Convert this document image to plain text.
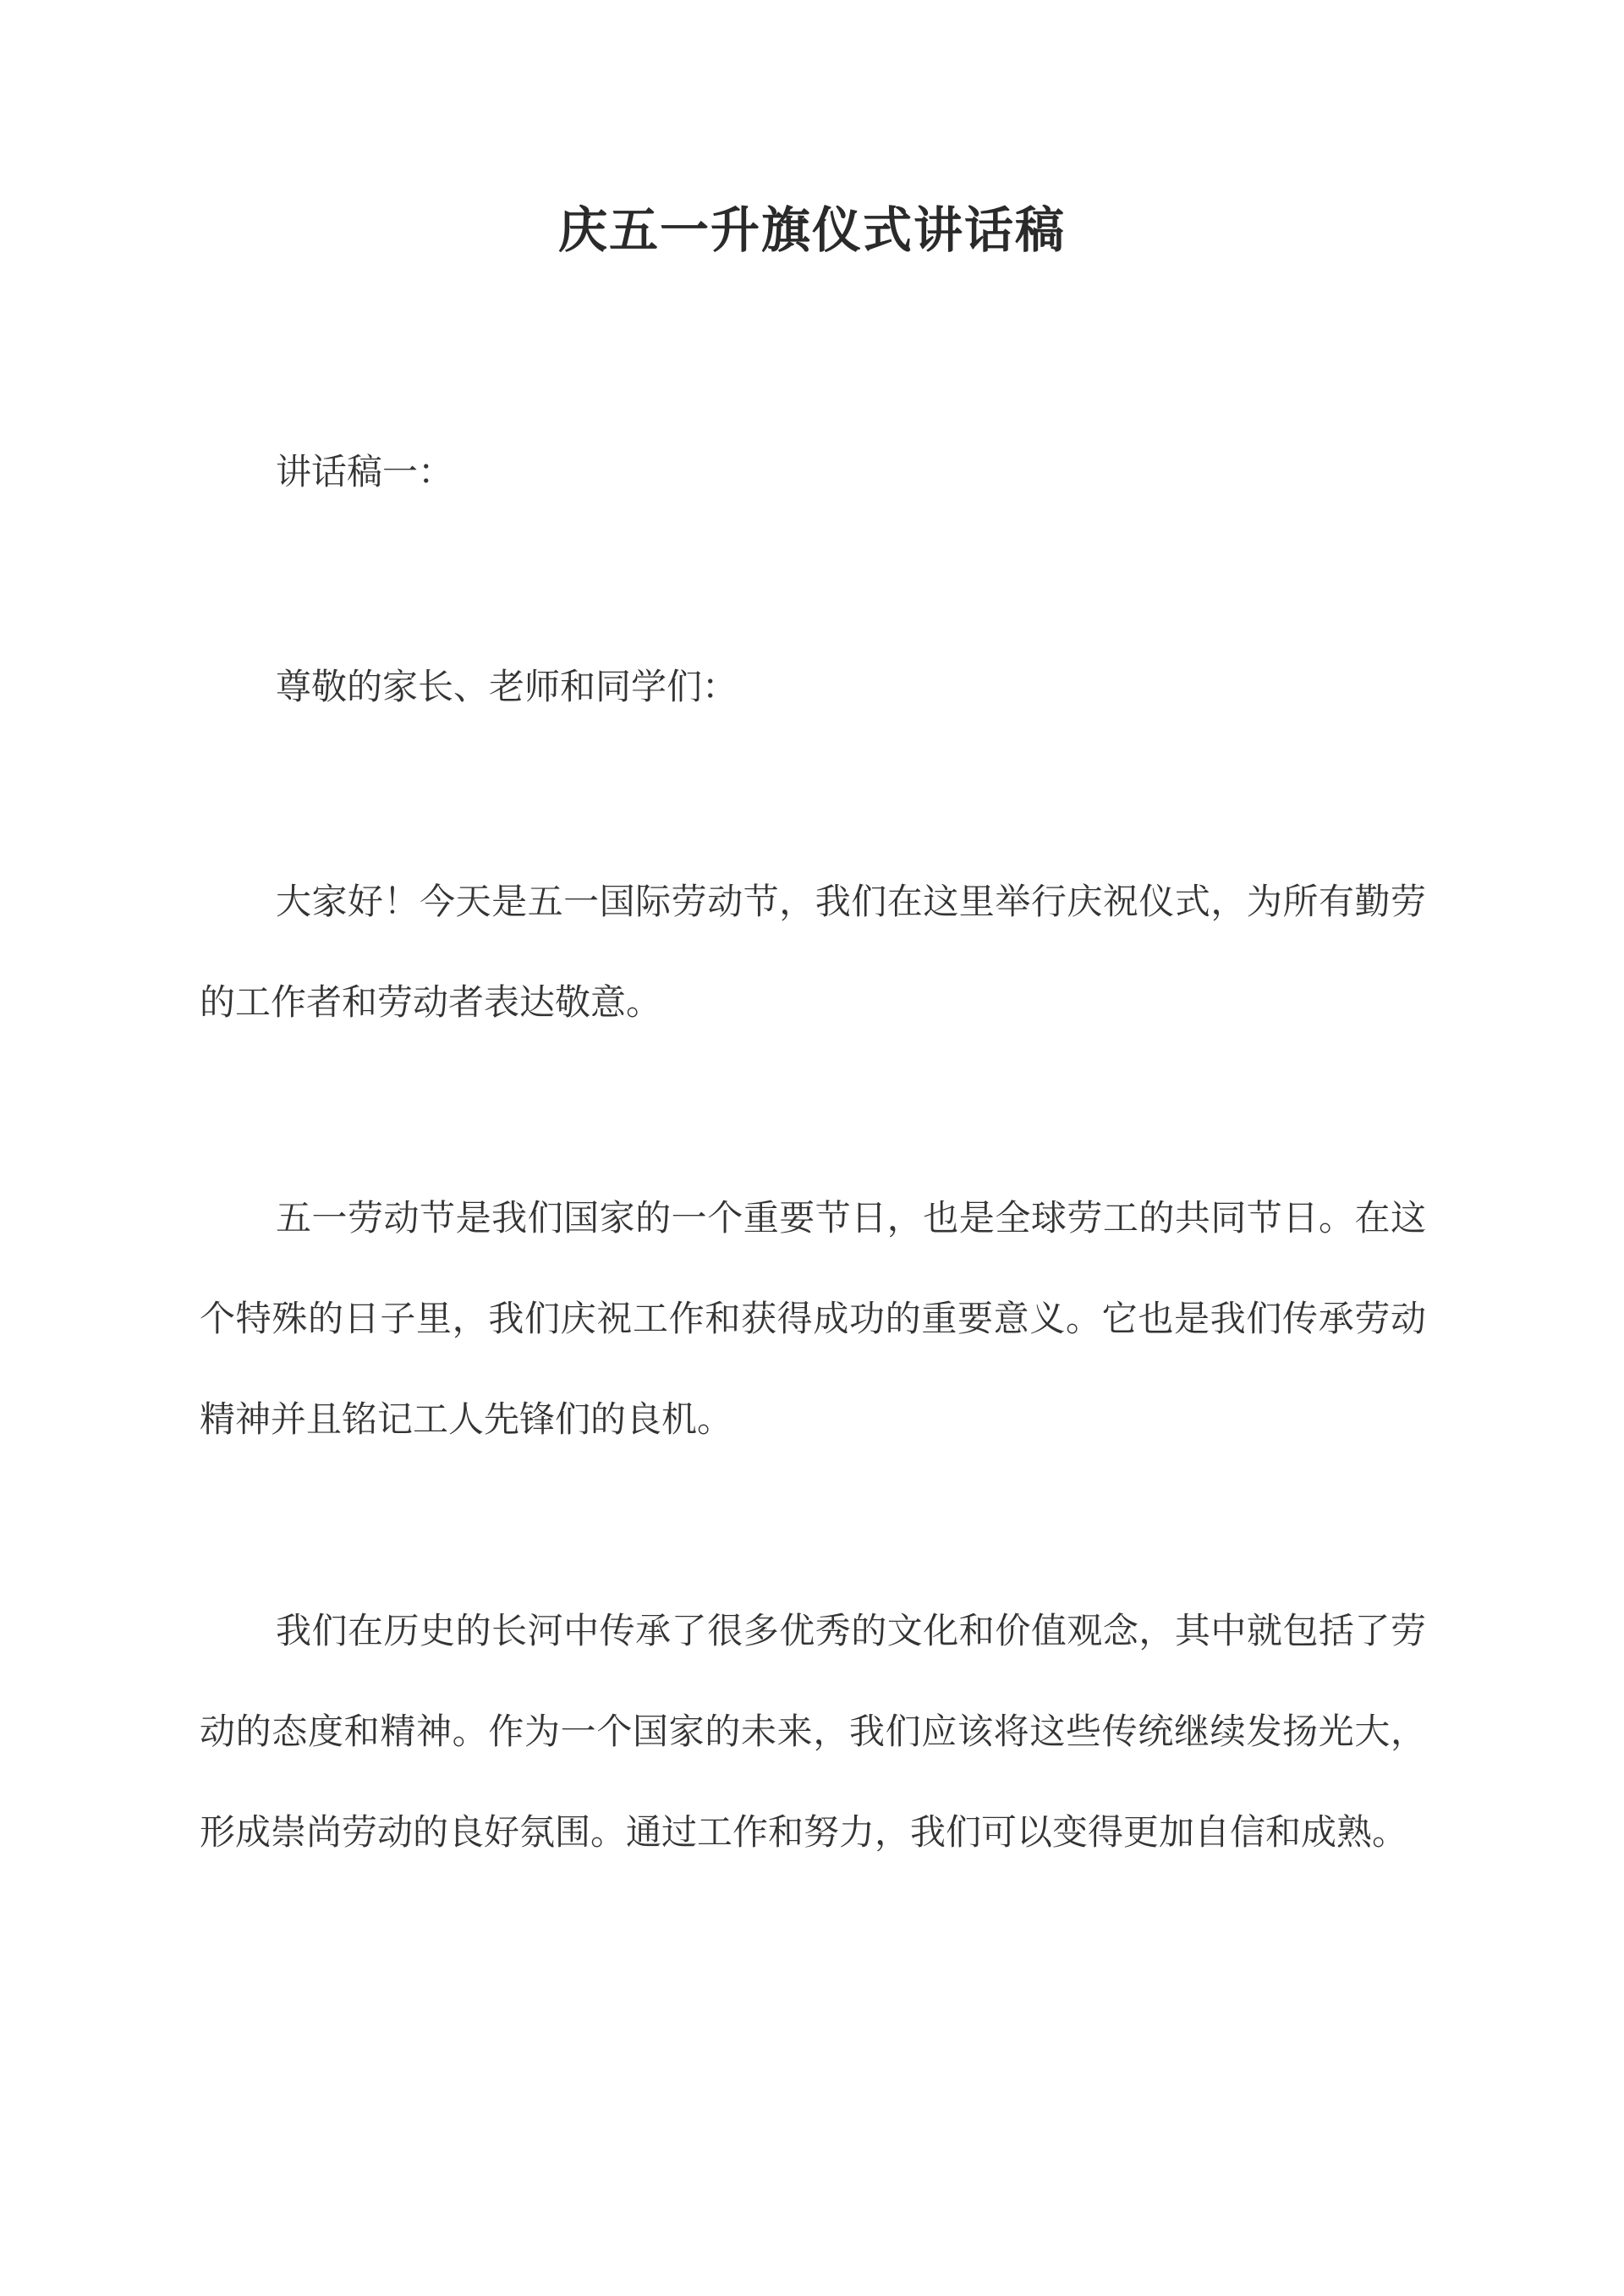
庆五一升旗仪式讲话稿

讲话稿一：

尊敬的家长、老师和同学们：

大家好！今天是五一国际劳动节，我们在这里举行庆祝仪式，为所有勤劳的工作者和劳动者表达敬意。

五一劳动节是我们国家的一个重要节日，也是全球劳工的共同节日。在这个特殊的日子里，我们庆祝工作和获得成功的重要意义。它也是我们传承劳动精神并且铭记工人先锋们的良机。

我们在历史的长河中传承了很多优秀的文化和价值观念，其中就包括了劳动的态度和精神。作为一个国家的未来，我们应该将这些传统继续发扬光大，形成崇尚劳动的良好氛围。通过工作和努力，我们可以变得更加自信和成熟。
